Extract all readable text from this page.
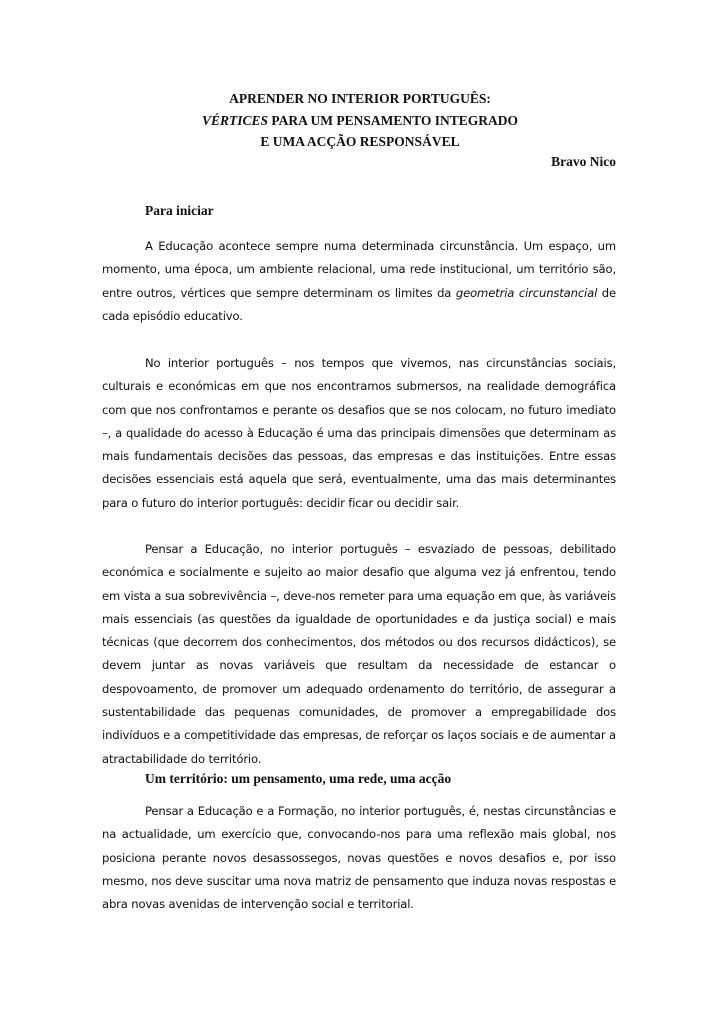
APRENDER NO INTERIOR PORTUGUÊS:
VÉRTICES PARA UM PENSAMENTO INTEGRADO
E UMA ACÇÃO RESPONSÁVEL
Bravo Nico
Para iniciar

A Educação acontece sempre numa determinada circunstância. Um espaço, um momento, uma época, um ambiente relacional, uma rede institucional, um território são, entre outros, vértices que sempre determinam os limites da geometria circunstancial de cada episódio educativo.

No interior português – nos tempos que vivemos, nas circunstâncias sociais, culturais e económicas em que nos encontramos submersos, na realidade demográfica com que nos confrontamos e perante os desafios que se nos colocam, no futuro imediato –, a qualidade do acesso à Educação é uma das principais dimensões que determinam as mais fundamentais decisões das pessoas, das empresas e das instituições. Entre essas decisões essenciais está aquela que será, eventualmente, uma das mais determinantes para o futuro do interior português: decidir ficar ou decidir sair.

Pensar a Educação, no interior português – esvaziado de pessoas, debilitado económica e socialmente e sujeito ao maior desafio que alguma vez já enfrentou, tendo em vista a sua sobrevivência –, deve-nos remeter para uma equação em que, às variáveis mais essenciais (as questões da igualdade de oportunidades e da justiça social) e mais técnicas (que decorrem dos conhecimentos, dos métodos ou dos recursos didácticos), se devem juntar as novas variáveis que resultam da necessidade de estancar o despovoamento, de promover um adequado ordenamento do território, de assegurar a sustentabilidade das pequenas comunidades, de promover a empregabilidade dos indivíduos e a competitividade das empresas, de reforçar os laços sociais e de aumentar a atractabilidade do território.

Um território: um pensamento, uma rede, uma acção

Pensar a Educação e a Formação, no interior português, é, nestas circunstâncias e na actualidade, um exercício que, convocando-nos para uma reflexão mais global, nos posiciona perante novos desassossegos, novas questões e novos desafios e, por isso mesmo, nos deve suscitar uma nova matriz de pensamento que induza novas respostas e abra novas avenidas de intervenção social e territorial.
